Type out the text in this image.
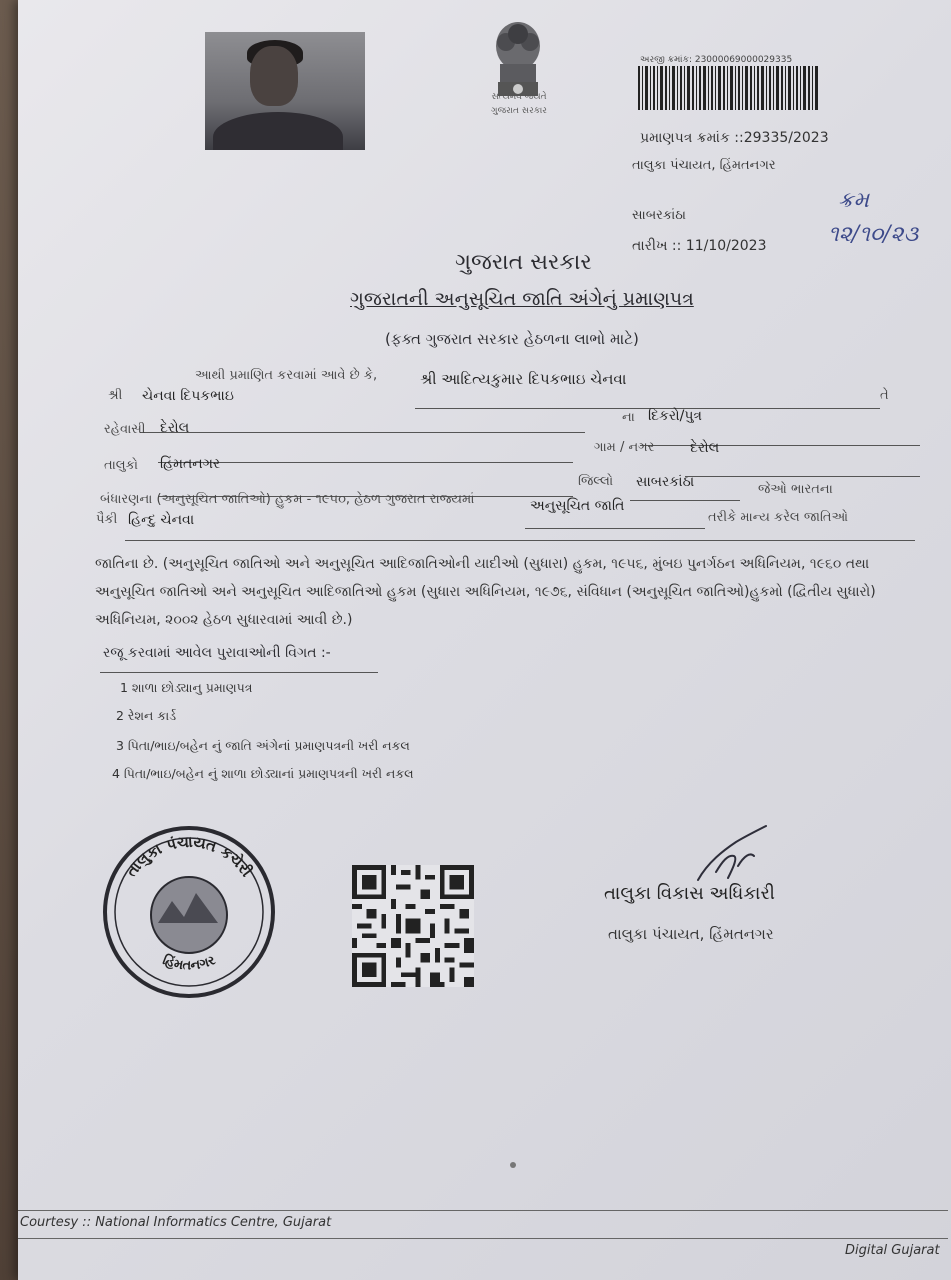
સત્યમેવ જયતે
ગુજરાત સરકાર
અરજી ક્રમાંક: 23000069000029335
પ્રમાણપત્ર ક્રમાંક ::29335/2023
તાલુકા પંચાયત, હિંમતનગર
સાબરકાંઠા
તારીખ :: 11/10/2023
ક્રમ
૧૨/૧૦/૨૩
ગુજરાત સરકાર
ગુજરાતની અનુસૂચિત જાતિ અંગેનું પ્રમાણપત્ર
(ફક્ત ગુજરાત સરકાર હેઠળના લાભો માટે)
આથી પ્રમાણિત કરવામાં આવે છે કે,	શ્રી આદિત્યકુમાર દિપકભાઇ ચેનવા
તે
શ્રી ચેનવા દિપકભાઇ
ના દિકરો/પુત્ર
રહેવાસી દેરોલ
ગામ / નગર	દેરોલ
તાલુકો હિંમતનગર
જિલ્લો સાબરકાંઠા	જેઓ ભારતના
બંધારણના (અનુસૂચિત જાતિઓ) હુકમ - ૧૯૫૦, હેઠળ ગુજરાત રાજ્યમાં	અનુસૂચિત જાતિ
તરીકે માન્ય કરેલ જાતિઓ
પૈકી હિન્દુ ચેનવા
જાતિના છે. (અનુસૂચિત જાતિઓ અને અનુસૂચિત આદિજાતિઓની યાદીઓ (સુધારા) હુકમ, ૧૯૫૬, મુંબઇ પુનર્ગઠન અધિનિયમ, ૧૯૬૦ તથા અનુસૂચિત જાતિઓ અને અનુસૂચિત આદિજાતિઓ હુકમ (સુધારા અધિનિયમ, ૧૯૭૬, સંવિધાન (અનુસૂચિત જાતિઓ)હુકમો (દ્વિતીય સુધારો) અધિનિયમ, ૨૦૦૨ હેઠળ સુધારવામાં આવી છે.)
રજૂ કરવામાં આવેલ પુરાવાઓની વિગત :-
1 શાળા છોડ્યાનુ પ્રમાણપત્ર
2 રેશન કાર્ડ
3 પિતા/ભાઇ/બહેન નું જાતિ અંગેનાં પ્રમાણપત્રની ખરી નકલ
4 પિતા/ભાઇ/બહેન નું શાળા છોડ્યાનાં પ્રમાણપત્રની ખરી નકલ
તાલુકા પંચાયત કચેરી
હિંમતનગર
તાલુકા વિકાસ અધિકારી
તાલુકા પંચાયત, હિંમતનગર
Courtesy :: National Informatics Centre, Gujarat
Digital Gujarat
